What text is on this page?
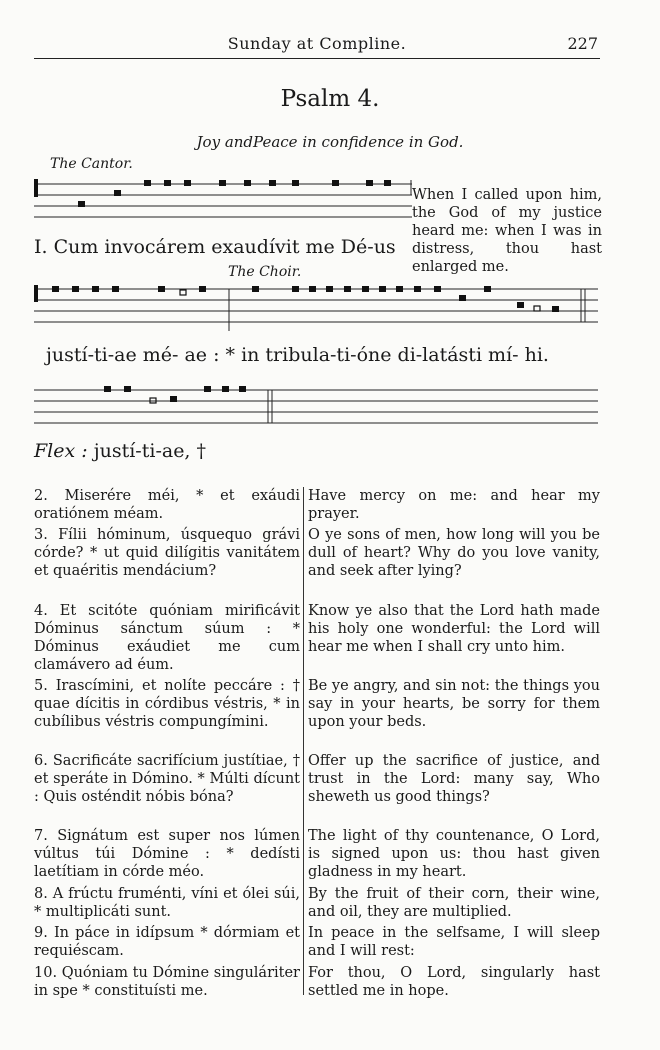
Sunday at Compline.	227
Psalm 4.
Joy andPeace in confidence in God.
The Cantor.
I. Cum invocárem exaudívit me Dé-us
When I called upon him, the God of my justice heard me: when I was in distress, thou hast enlarged me.
The Choir.
justí-ti-ae mé- ae : * in tribula-ti-óne di-latásti mí- hi.
Flex : justí-ti-ae, †
2. Miserére méi, * et exáudi oratiónem méam.
3. Fílii hóminum, úsquequo grávi córde? * ut quid dilígitis vanitátem et quaéritis mendácium?
4. Et scitóte quóniam mirificávit Dóminus sánctum súum : * Dóminus exáudiet me cum clamávero ad éum.
5. Irascímini, et nolíte peccáre : † quae dícitis in córdibus véstris, * in cubílibus véstris compungímini.
6. Sacrificáte sacrifícium justítiae, † et speráte in Dómino. * Múlti dícunt : Quis osténdit nóbis bóna?
7. Signátum est super nos lúmen vúltus túi Dómine : * dedísti laetítiam in córde méo.
8. A frúctu fruménti, víni et ólei súi, * multiplicáti sunt.
9. In páce in idípsum * dórmiam et requiéscam.
10. Quóniam tu Dómine singuláriter in spe * constituísti me.
Have mercy on me: and hear my prayer.
O ye sons of men, how long will you be dull of heart? Why do you love vanity, and seek after lying?
Know ye also that the Lord hath made his holy one wonderful: the Lord will hear me when I shall cry unto him.
Be ye angry, and sin not: the things you say in your hearts, be sorry for them upon your beds.
Offer up the sacrifice of justice, and trust in the Lord: many say, Who sheweth us good things?
The light of thy countenance, O Lord, is signed upon us: thou hast given gladness in my heart.
By the fruit of their corn, their wine, and oil, they are multiplied.
In peace in the selfsame, I will sleep and I will rest:
For thou, O Lord, singularly hast settled me in hope.
